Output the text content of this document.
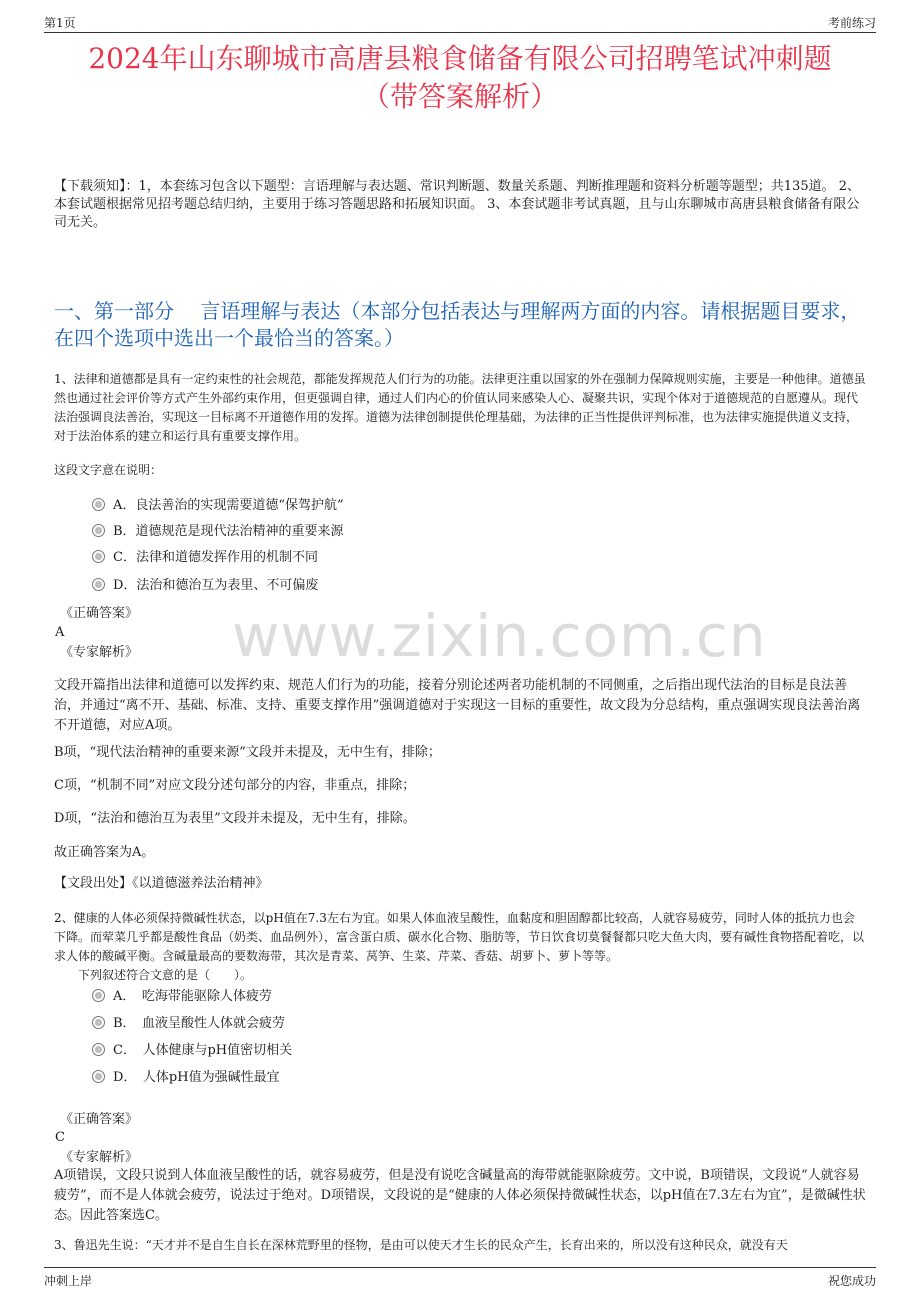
第1页	考前练习
2024年山东聊城市高唐县粮食储备有限公司招聘笔试冲刺题
（带答案解析）
【下载须知】：1，本套练习包含以下题型：言语理解与表达题、常识判断题、数量关系题、判断推理题和资料分析题等题型；共135道。 2、本套试题根据常见招考题总结归纳，主要用于练习答题思路和拓展知识面。 3、本套试题非考试真题，且与山东聊城市高唐县粮食储备有限公司无关。
一、第一部分　 言语理解与表达（本部分包括表达与理解两方面的内容。请根据题目要求，在四个选项中选出一个最恰当的答案。）
1、法律和道德都是具有一定约束性的社会规范，都能发挥规范人们行为的功能。法律更注重以国家的外在强制力保障规则实施，主要是一种他律。道德虽然也通过社会评价等方式产生外部约束作用，但更强调自律，通过人们内心的价值认同来感染人心、凝聚共识，实现个体对于道德规范的自愿遵从。现代法治强调良法善治，实现这一目标离不开道德作用的发挥。道德为法律创制提供伦理基础，为法律的正当性提供评判标准，也为法律实施提供道义支持，对于法治体系的建立和运行具有重要支撑作用。
这段文字意在说明：
A．良法善治的实现需要道德“保驾护航”
B．道德规范是现代法治精神的重要来源
C．法律和道德发挥作用的机制不同
D．法治和德治互为表里、不可偏废
《正确答案》
A
《专家解析》 www.zixin.com.cn
文段开篇指出法律和道德可以发挥约束、规范人们行为的功能，接着分别论述两者功能机制的不同侧重，之后指出现代法治的目标是良法善治，并通过“离不开、基础、标准、支持、重要支撑作用”强调道德对于实现这一目标的重要性，故文段为分总结构，重点强调实现良法善治离不开道德，对应A项。
B项，“现代法治精神的重要来源”文段并未提及，无中生有，排除；
C项，“机制不同”对应文段分述句部分的内容，非重点，排除；
D项，“法治和德治互为表里”文段并未提及，无中生有，排除。
故正确答案为A。
【文段出处】《以道德滋养法治精神》
2、健康的人体必须保持微碱性状态，以pH值在7.3左右为宜。如果人体血液呈酸性，血黏度和胆固醇都比较高，人就容易疲劳，同时人体的抵抗力也会下降。而荤菜几乎都是酸性食品（奶类、血品例外），富含蛋白质、碳水化合物、脂肪等，节日饮食切莫餐餐都只吃大鱼大肉，要有碱性食物搭配着吃，以求人体的酸碱平衡。含碱量最高的要数海带，其次是青菜、莴笋、生菜、芹菜、香菇、胡萝卜、萝卜等等。
下列叙述符合文意的是（　　）。
A．　吃海带能驱除人体疲劳
B．　血液呈酸性人体就会疲劳
C．　人体健康与pH值密切相关
D．　人体pH值为强碱性最宜
《正确答案》
C
《专家解析》
A项错误，文段只说到人体血液呈酸性的话，就容易疲劳，但是没有说吃含碱量高的海带就能驱除疲劳。文中说，B项错误，文段说“人就容易疲劳”，而不是人体就会疲劳，说法过于绝对。D项错误，文段说的是“健康的人体必须保持微碱性状态，以pH值在7.3左右为宜”，是微碱性状态。因此答案选C。
3、鲁迅先生说：“天才并不是自生自长在深林荒野里的怪物，是由可以使天才生长的民众产生，长育出来的，所以没有这种民众，就没有天
冲刺上岸	祝您成功
